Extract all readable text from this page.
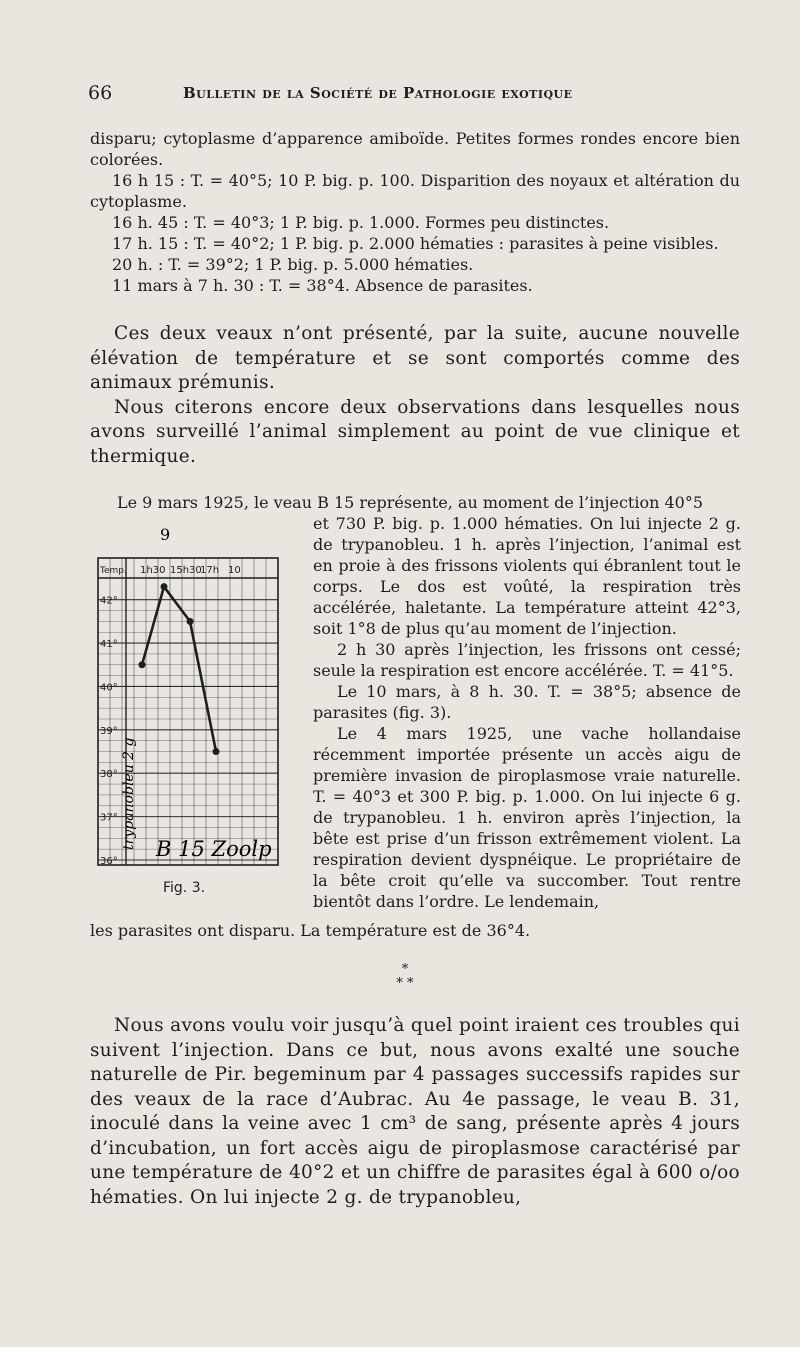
66	Bulletin de la Société de Pathologie exotique

disparu; cytoplasme d’apparence amiboïde. Petites formes rondes encore bien colorées.

16 h 15 : T. = 40°5; 10 P. big. p. 100. Disparition des noyaux et altération du cytoplasme.

16 h. 45 : T. = 40°3; 1 P. big. p. 1.000. Formes peu distinctes.

17 h. 15 : T. = 40°2; 1 P. big. p. 2.000 hématies : parasites à peine visibles.

20 h. : T. = 39°2; 1 P. big. p. 5.000 hématies.

11 mars à 7 h. 30 : T. = 38°4. Absence de parasites.

Ces deux veaux n’ont présenté, par la suite, aucune nouvelle élévation de température et se sont comportés comme des animaux prémunis.

Nous citerons encore deux observations dans lesquelles nous avons surveillé l’animal simplement au point de vue clinique et thermique.

Le 9 mars 1925, le veau B 15 représente, au moment de l’injection 40°5

9
Temp. 1h30 15h30
17h 10
42°
41°
40°
39°
38°
37°
36°
trypanobleu 2 g B 15 Zoolp
Fig. 3.

et 730 P. big. p. 1.000 hématies. On lui injecte 2 g. de trypanobleu. 1 h. après l’injection, l’animal est en proie à des frissons violents qui ébranlent tout le corps. Le dos est voûté, la respiration très accélérée, haletante. La température atteint 42°3, soit 1°8 de plus qu’au moment de l’injection.

2 h 30 après l’injection, les frissons ont cessé; seule la respiration est encore accélérée. T. = 41°5.

Le 10 mars, à 8 h. 30. T. = 38°5; absence de parasites (fig. 3).

Le 4 mars 1925, une vache hollandaise récemment importée présente un accès aigu de première invasion de piroplasmose vraie naturelle. T. = 40°3 et 300 P. big. p. 1.000. On lui injecte 6 g. de trypanobleu. 1 h. environ après l’injection, la bête est prise d’un frisson extrêmement violent. La respiration devient dyspnéique. Le propriétaire de la bête croit qu’elle va succomber. Tout rentre bientôt dans l’ordre. Le lendemain,

les parasites ont disparu. La température est de 36°4.

*
* *

Nous avons voulu voir jusqu’à quel point iraient ces troubles qui suivent l’injection. Dans ce but, nous avons exalté une souche naturelle de Pir. begeminum par 4 passages successifs rapides sur des veaux de la race d’Aubrac. Au 4e passage, le veau B. 31, inoculé dans la veine avec 1 cm³ de sang, présente après 4 jours d’incubation, un fort accès aigu de piroplasmose caractérisé par une température de 40°2 et un chiffre de parasites égal à 600 o/oo hématies. On lui injecte 2 g. de trypanobleu,
